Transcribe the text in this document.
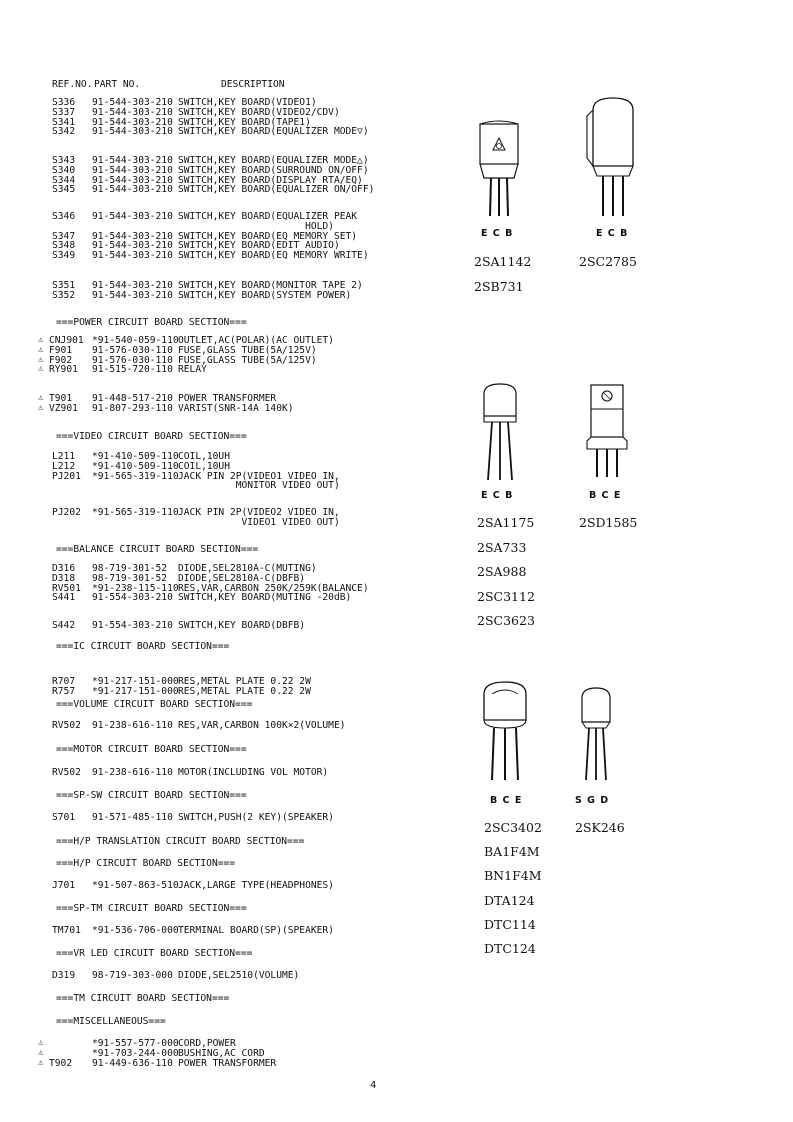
REF.NO. PART NO.	DESCRIPTION
S336 91-544-303-210 SWITCH,KEY BOARD(VIDEO1)
S337 91-544-303-210 SWITCH,KEY BOARD(VIDEO2/CDV)
S341 91-544-303-210 SWITCH,KEY BOARD(TAPE1)
S342 91-544-303-210 SWITCH,KEY BOARD(EQUALIZER MODE▽)
S343 91-544-303-210 SWITCH,KEY BOARD(EQUALIZER MODE△)
S340 91-544-303-210 SWITCH,KEY BOARD(SURROUND ON/OFF)
S344 91-544-303-210 SWITCH,KEY BOARD(DISPLAY RTA/EQ)
S345 91-544-303-210 SWITCH,KEY BOARD(EQUALIZER ON/OFF)
S346 91-544-303-210 SWITCH,KEY BOARD(EQUALIZER PEAK
HOLD)
S347 91-544-303-210 SWITCH,KEY BOARD(EQ MEMORY SET)
S348 91-544-303-210 SWITCH,KEY BOARD(EDIT AUDIO)
S349 91-544-303-210 SWITCH,KEY BOARD(EQ MEMORY WRITE)
S351 91-544-303-210 SWITCH,KEY BOARD(MONITOR TAPE 2)
S352 91-544-303-210 SWITCH,KEY BOARD(SYSTEM POWER)
⚠ CNJ901 *91-540-059-110 OUTLET,AC(POLAR)(AC OUTLET)
⚠ F901 91-576-030-110 FUSE,GLASS TUBE(5A/125V)
⚠ F902 91-576-030-110 FUSE,GLASS TUBE(5A/125V)
⚠ RY901 91-515-720-110 RELAY
⚠ T901 91-448-517-210 POWER TRANSFORMER
⚠ VZ901 91-807-293-110 VARIST(SNR-14A 140K)
L211 *91-410-509-110 COIL,10UH
L212 *91-410-509-110 COIL,10UH
PJ201 *91-565-319-110 JACK PIN 2P(VIDEO1 VIDEO IN,
MONITOR VIDEO OUT)
PJ202 *91-565-319-110 JACK PIN 2P(VIDEO2 VIDEO IN,
VIDEO1 VIDEO OUT)
D316 98-719-301-52 DIODE,SEL2810A-C(MUTING)
D318 98-719-301-52 DIODE,SEL2810A-C(DBFB)
RV501 *91-238-115-110 RES,VAR,CARBON 250K/259K(BALANCE)
S441 91-554-303-210 SWITCH,KEY BOARD(MUTING -20dB)
S442 91-554-303-210 SWITCH,KEY BOARD(DBFB)
R707 *91-217-151-000 RES,METAL PLATE 0.22 2W
R757 *91-217-151-000 RES,METAL PLATE 0.22 2W
RV502 91-238-616-110 RES,VAR,CARBON 100K×2(VOLUME)
RV502 91-238-616-110 MOTOR(INCLUDING VOL MOTOR)
S701 91-571-485-110 SWITCH,PUSH(2 KEY)(SPEAKER)
J701 *91-507-863-510 JACK,LARGE TYPE(HEADPHONES)
TM701 *91-536-706-000 TERMINAL BOARD(SP)(SPEAKER)
D319 98-719-303-000 DIODE,SEL2510(VOLUME)
⚠	*91-557-577-000 CORD,POWER
⚠	*91-703-244-000 BUSHING,AC CORD
⚠ T902 91-449-636-110 POWER TRANSFORMER
===POWER CIRCUIT BOARD SECTION===
===VIDEO CIRCUIT BOARD SECTION===
===BALANCE CIRCUIT BOARD SECTION===
===IC CIRCUIT BOARD SECTION===
===VOLUME CIRCUIT BOARD SECTION===
===MOTOR CIRCUIT BOARD SECTION===
===SP-SW CIRCUIT BOARD SECTION===
===H/P TRANSLATION CIRCUIT BOARD SECTION===
===H/P CIRCUIT BOARD SECTION===
===SP-TM CIRCUIT BOARD SECTION===
===VR LED CIRCUIT BOARD SECTION===
===TM CIRCUIT BOARD SECTION===
===MISCELLANEOUS===
E C B	E C B
2SA1142
2SB731
2SC2785
E C B	B C E
2SA1175
2SA733
2SA988
2SC3112
2SC3623
2SD1585
B C E	S G D
2SC3402
BA1F4M
BN1F4M
DTA124
DTC114
DTC124
2SK246
4
